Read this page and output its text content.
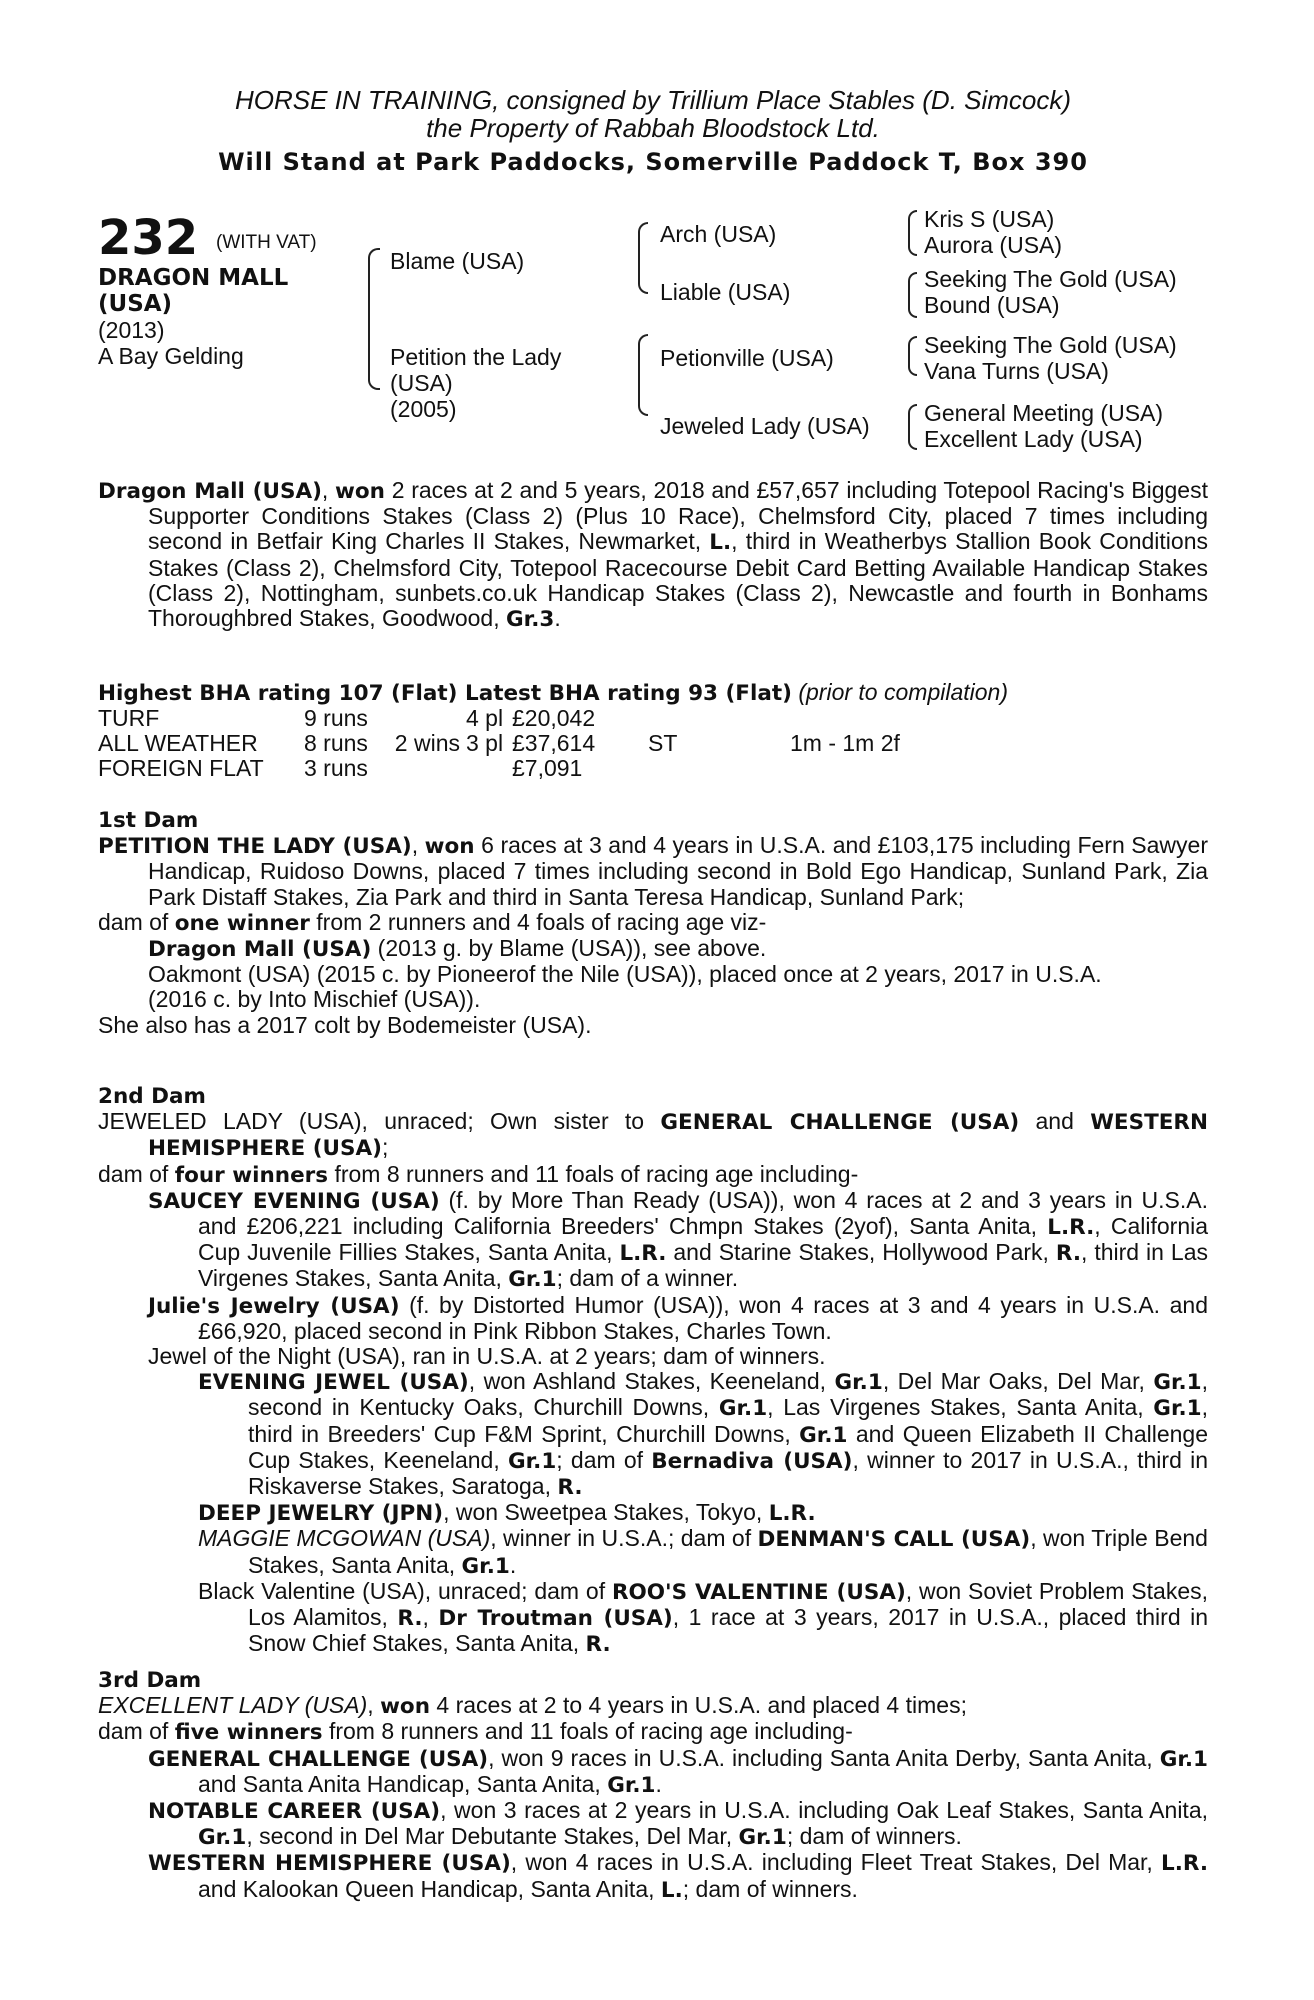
HORSE IN TRAINING, consigned by Trillium Place Stables (D. Simcock)
the Property of Rabbah Bloodstock Ltd.
Will Stand at Park Paddocks, Somerville Paddock T, Box 390
232 (WITH VAT)
DRAGON MALL
(USA)
(2013)
A Bay Gelding
Blame (USA)
Petition the Lady
(USA)
(2005)
Arch (USA)
Liable (USA)
Petionville (USA)
Jeweled Lady (USA)
Kris S (USA)
Aurora (USA)
Seeking The Gold (USA)
Bound (USA)
Seeking The Gold (USA)
Vana Turns (USA)
General Meeting (USA)
Excellent Lady (USA)

Dragon Mall (USA), won 2 races at 2 and 5 years, 2018 and £57,657 including Totepool Racing's Biggest Supporter Conditions Stakes (Class 2) (Plus 10 Race), Chelmsford City, placed 7 times including second in Betfair King Charles II Stakes, Newmarket, L., third in Weatherbys Stallion Book Conditions Stakes (Class 2), Chelmsford City, Totepool Racecourse Debit Card Betting Available Handicap Stakes (Class 2), Nottingham, sunbets.co.uk Handicap Stakes (Class 2), Newcastle and fourth in Bonhams Thoroughbred Stakes, Goodwood, Gr.3.

Highest BHA rating 107 (Flat) Latest BHA rating 93 (Flat) (prior to compilation)

TURF	9 runs		4 pl	£20,042		
ALL WEATHER	8 runs	2 wins	3 pl	£37,614	ST	1m - 1m 2f
FOREIGN FLAT	3 runs			£7,091		

1st Dam

PETITION THE LADY (USA), won 6 races at 3 and 4 years in U.S.A. and £103,175 including Fern Sawyer Handicap, Ruidoso Downs, placed 7 times including second in Bold Ego Handicap, Sunland Park, Zia Park Distaff Stakes, Zia Park and third in Santa Teresa Handicap, Sunland Park;

dam of one winner from 2 runners and 4 foals of racing age viz-

Dragon Mall (USA) (2013 g. by Blame (USA)), see above.

Oakmont (USA) (2015 c. by Pioneerof the Nile (USA)), placed once at 2 years, 2017 in U.S.A.

(2016 c. by Into Mischief (USA)).

She also has a 2017 colt by Bodemeister (USA).

2nd Dam

JEWELED LADY (USA), unraced; Own sister to GENERAL CHALLENGE (USA) and WESTERN HEMISPHERE (USA);

dam of four winners from 8 runners and 11 foals of racing age including-

SAUCEY EVENING (USA) (f. by More Than Ready (USA)), won 4 races at 2 and 3 years in U.S.A. and £206,221 including California Breeders' Chmpn Stakes (2yof), Santa Anita, L.R., California Cup Juvenile Fillies Stakes, Santa Anita, L.R. and Starine Stakes, Hollywood Park, R., third in Las Virgenes Stakes, Santa Anita, Gr.1; dam of a winner.

Julie's Jewelry (USA) (f. by Distorted Humor (USA)), won 4 races at 3 and 4 years in U.S.A. and £66,920, placed second in Pink Ribbon Stakes, Charles Town.

Jewel of the Night (USA), ran in U.S.A. at 2 years; dam of winners.

EVENING JEWEL (USA), won Ashland Stakes, Keeneland, Gr.1, Del Mar Oaks, Del Mar, Gr.1, second in Kentucky Oaks, Churchill Downs, Gr.1, Las Virgenes Stakes, Santa Anita, Gr.1, third in Breeders' Cup F&M Sprint, Churchill Downs, Gr.1 and Queen Elizabeth II Challenge Cup Stakes, Keeneland, Gr.1; dam of Bernadiva (USA), winner to 2017 in U.S.A., third in Riskaverse Stakes, Saratoga, R.

DEEP JEWELRY (JPN), won Sweetpea Stakes, Tokyo, L.R.

MAGGIE MCGOWAN (USA), winner in U.S.A.; dam of DENMAN'S CALL (USA), won Triple Bend Stakes, Santa Anita, Gr.1.

Black Valentine (USA), unraced; dam of ROO'S VALENTINE (USA), won Soviet Problem Stakes, Los Alamitos, R., Dr Troutman (USA), 1 race at 3 years, 2017 in U.S.A., placed third in Snow Chief Stakes, Santa Anita, R.

3rd Dam

EXCELLENT LADY (USA), won 4 races at 2 to 4 years in U.S.A. and placed 4 times;

dam of five winners from 8 runners and 11 foals of racing age including-

GENERAL CHALLENGE (USA), won 9 races in U.S.A. including Santa Anita Derby, Santa Anita, Gr.1 and Santa Anita Handicap, Santa Anita, Gr.1.

NOTABLE CAREER (USA), won 3 races at 2 years in U.S.A. including Oak Leaf Stakes, Santa Anita, Gr.1, second in Del Mar Debutante Stakes, Del Mar, Gr.1; dam of winners.

WESTERN HEMISPHERE (USA), won 4 races in U.S.A. including Fleet Treat Stakes, Del Mar, L.R. and Kalookan Queen Handicap, Santa Anita, L.; dam of winners.
